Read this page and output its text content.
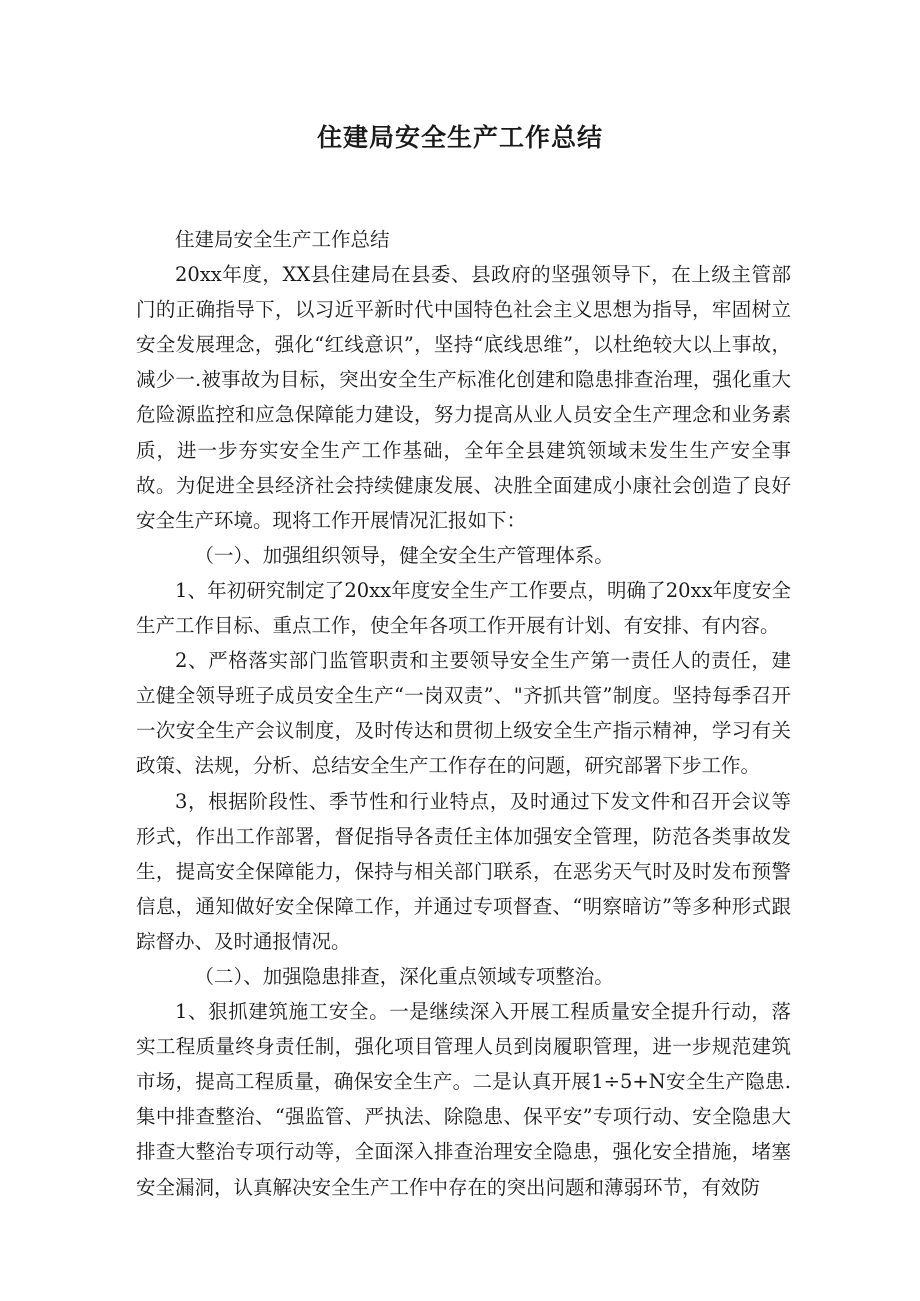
住建局安全生产工作总结

住建局安全生产工作总结

20xx年度，XX县住建局在县委、县政府的坚强领导下，在上级主管部门的正确指导下，以习近平新时代中国特色社会主义思想为指导，牢固树立安全发展理念，强化“红线意识”，坚持“底线思维”，以杜绝较大以上事故，减少一.被事故为目标，突出安全生产标准化创建和隐患排查治理，强化重大危险源监控和应急保障能力建设，努力提高从业人员安全生产理念和业务素质，进一步夯实安全生产工作基础，全年全县建筑领域未发生生产安全事故。为促进全县经济社会持续健康发展、决胜全面建成小康社会创造了良好安全生产环境。现将工作开展情况汇报如下：

（一）、加强组织领导，健全安全生产管理体系。

1、年初研究制定了20xx年度安全生产工作要点，明确了20xx年度安全生产工作目标、重点工作，使全年各项工作开展有计划、有安排、有内容。

2、严格落实部门监管职责和主要领导安全生产第一责任人的责任，建立健全领导班子成员安全生产“一岗双责”、"齐抓共管”制度。坚持每季召开一次安全生产会议制度，及时传达和贯彻上级安全生产指示精神，学习有关政策、法规，分析、总结安全生产工作存在的问题，研究部署下步工作。

3，根据阶段性、季节性和行业特点，及时通过下发文件和召开会议等形式，作出工作部署，督促指导各责任主体加强安全管理，防范各类事故发生，提高安全保障能力，保持与相关部门联系，在恶劣天气时及时发布预警信息，通知做好安全保障工作，并通过专项督查、“明察暗访”等多种形式跟踪督办、及时通报情况。

（二）、加强隐患排查，深化重点领域专项整治。

1、狠抓建筑施工安全。一是继续深入开展工程质量安全提升行动，落实工程质量终身责任制，强化项目管理人员到岗履职管理，进一步规范建筑市场，提高工程质量，确保安全生产。二是认真开展1÷5+N安全生产隐患.集中排查整治、“强监管、严执法、除隐患、保平安”专项行动、安全隐患大排查大整治专项行动等，全面深入排查治理安全隐患，强化安全措施，堵塞安全漏洞，认真解决安全生产工作中存在的突出问题和薄弱环节，有效防
